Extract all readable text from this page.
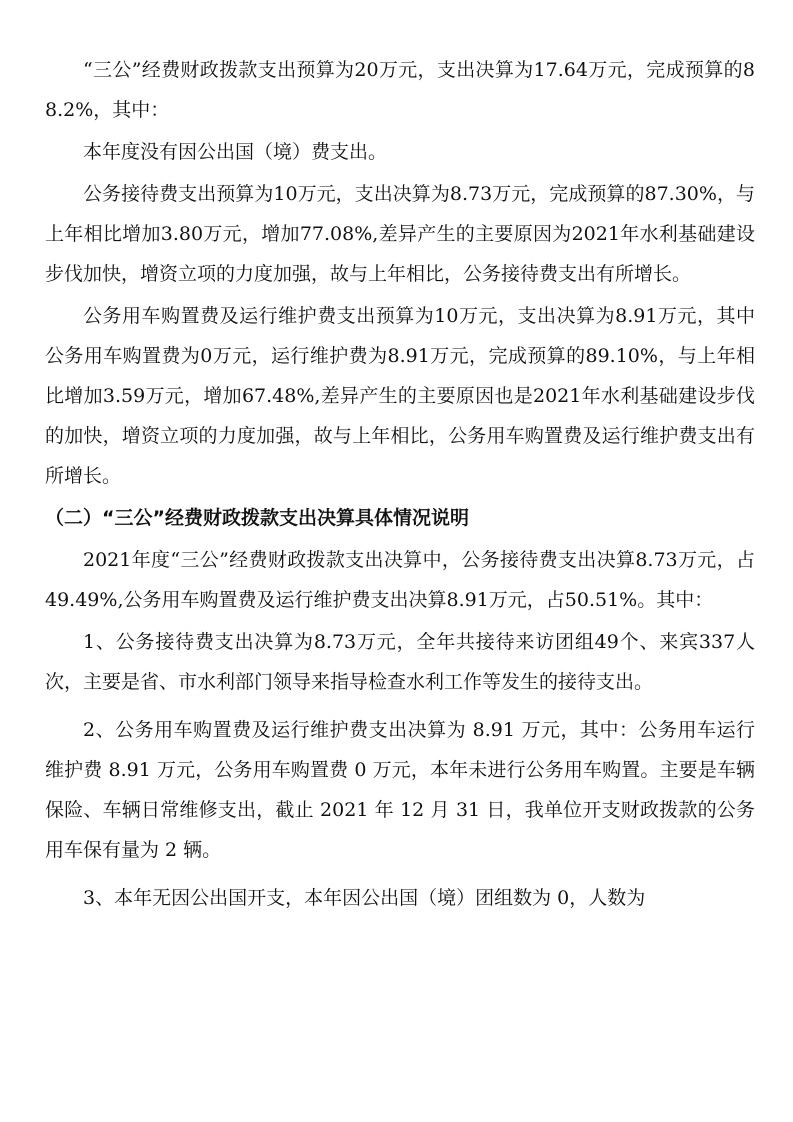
“三公”经费财政拨款支出预算为20万元，支出决算为17.64万元，完成预算的88.2%，其中：

本年度没有因公出国（境）费支出。

公务接待费支出预算为10万元，支出决算为8.73万元，完成预算的87.30%，与上年相比增加3.80万元，增加77.08%,差异产生的主要原因为2021年水利基础建设步伐加快，增资立项的力度加强，故与上年相比，公务接待费支出有所增长。

公务用车购置费及运行维护费支出预算为10万元，支出决算为8.91万元，其中公务用车购置费为0万元，运行维护费为8.91万元，完成预算的89.10%，与上年相比增加3.59万元，增加67.48%,差异产生的主要原因也是2021年水利基础建设步伐的加快，增资立项的力度加强，故与上年相比，公务用车购置费及运行维护费支出有所增长。

（二）“三公”经费财政拨款支出决算具体情况说明

2021年度“三公”经费财政拨款支出决算中，公务接待费支出决算8.73万元，占49.49%,公务用车购置费及运行维护费支出决算8.91万元，占50.51%。其中：

1、公务接待费支出决算为8.73万元，全年共接待来访团组49个、来宾337人次，主要是省、市水利部门领导来指导检查水利工作等发生的接待支出。

2、公务用车购置费及运行维护费支出决算为 8.91 万元，其中：公务用车运行维护费 8.91 万元，公务用车购置费 0 万元，本年未进行公务用车购置。主要是车辆保险、车辆日常维修支出，截止 2021 年 12 月 31 日，我单位开支财政拨款的公务用车保有量为 2 辆。

3、本年无因公出国开支，本年因公出国（境）团组数为 0，人数为
